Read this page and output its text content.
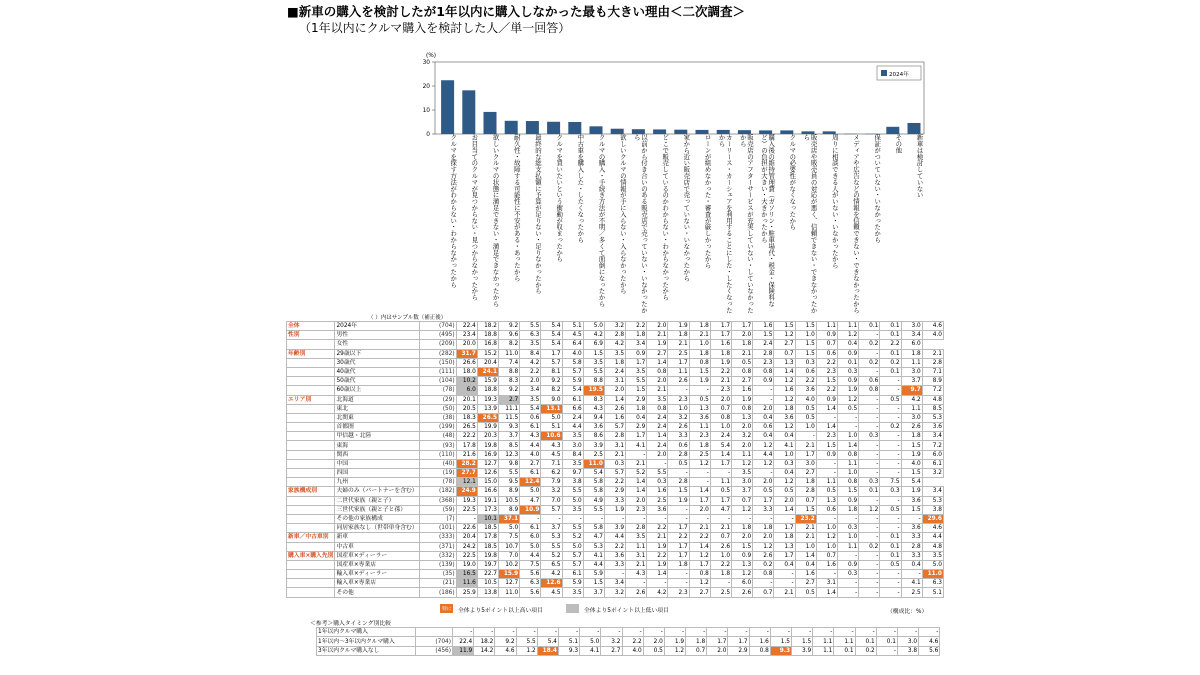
■新車の購入を検討したが1年以内に購入しなかった最も大きい理由＜二次調査＞
（1年以内にクルマ購入を検討した人／単一回答）
0
10
20
30
(%)
2024年
クルマを探す方法がわからない・わからなかったから	お目当てのクルマが見つからない・見つからなかったから	欲しいクルマの状態に満足できない・満足できなかったから	耐久性・故障する可能性に不安がある・あったから	最終的な総支払額に予算が足りない・足りなかったから	クルマを買いたいという衝動が収まったから	中古車を購入した・したくなったから	クルマの購入・手続き方法が不明／多くて面倒になったから	欲しいクルマの情報が手に入らない・入らなかったから	以前から付き合いのある販売店で売っていない・いなかったから	どこで販売しているのかわからない・わからなかったから	家から近い販売店で売っていない・いなかったから	ローンが組めなかった・審査が厳しかったから	カーリース・カーシェアを利用することにした・したくなったから	販売店のアフターサービスが充実していない・していなかったから	購入後の維持管理費（ガソリン・駐車場代・税金・保険料など）の負担が大きい・大きかったから	クルマの必要性がなくなったから	販売店や販売員の対応が悪く、信頼できない・できなかったから	周りに相談できる人がいない・いなかったから	メディアや広告などの情報を信頼できない・できなかったから	保証がついていない・いなかったから	その他	新車は検討していない
（ ）内はサンプル数（補正後）
全体	2024年	(704)	22.4	18.2	9.2	5.5	5.4	5.1	5.0	3.2	2.2	2.0	1.9	1.8	1.7	1.7	1.6	1.5	1.5	1.1	1.1	0.1	0.1	3.0	4.6
性別	男性	(495)	23.4	18.8	9.6	6.3	5.4	4.5	4.2	2.8	1.8	2.1	1.8	2.1	1.7	2.0	1.5	1.2	1.0	0.9	1.2	-	0.1	3.4	4.0
	女性	(209)	20.0	16.8	8.2	3.5	5.4	6.4	6.9	4.2	3.4	1.9	2.1	1.0	1.6	1.8	2.4	2.7	1.5	0.7	0.4	0.2	2.2	6.0	
年齢別	29歳以下	(282)	31.7	15.2	11.0	8.4	1.7	4.0	1.5	3.5	0.9	2.7	2.5	1.8	1.8	2.1	2.8	0.7	1.5	0.6	0.9	-	0.1	1.8	2.1
	30歳代	(150)	26.6	20.4	7.4	4.2	5.7	5.8	3.5	1.8	1.7	1.4	1.7	0.8	1.9	0.5	2.3	1.3	0.3	2.2	0.1	0.2	0.2	1.1	2.8
	40歳代	(111)	18.0	24.1	8.8	2.2	8.1	5.7	5.5	2.4	3.5	0.8	1.1	1.5	2.2	0.8	0.8	1.4	0.6	2.3	0.3	-	0.1	3.0	7.1
	50歳代	(104)	10.2	15.9	8.3	2.0	9.2	5.9	8.8	3.1	5.5	2.0	2.6	1.9	2.1	2.7	0.9	1.2	2.2	1.5	0.9	0.6	-	3.7	8.9
	60歳以上	(78)	6.0	18.8	9.2	3.4	8.2	5.4	19.5	2.0	1.5	2.1	-	-	2.3	1.6	-	1.6	3.6	2.2	1.9	0.8	-	9.7	7.2
エリア別	北海道	(29)	20.1	19.3	2.7	3.5	9.0	6.1	8.3	1.4	2.9	3.5	2.3	0.5	2.0	1.9	-	1.2	4.0	0.9	1.2	-	0.5	4.2	4.8
	東北	(50)	20.5	13.9	11.1	5.4	13.1	6.6	4.3	2.6	1.8	0.8	1.0	1.3	0.7	0.8	2.0	1.8	0.5	1.4	0.5	-	-	1.1	8.5
	北関東	(38)	18.3	26.5	11.5	0.6	5.0	2.4	9.4	1.6	0.4	2.4	3.2	3.6	0.8	1.3	0.4	3.6	0.5	-	-	-	-	3.0	5.3
	首都圏	(199)	26.5	19.9	9.3	6.1	5.1	4.4	3.6	5.7	2.9	2.4	2.6	1.1	1.0	2.0	0.6	1.2	1.0	1.4	-	-	0.2	2.6	3.6
	甲信越・北陸	(48)	22.2	20.3	3.7	4.3	10.6	3.5	8.6	2.8	1.7	1.4	3.3	2.3	2.4	3.2	0.4	0.4	-	2.3	1.0	0.3	-	1.8	3.4
	東海	(93)	17.8	19.8	8.5	4.4	4.3	3.0	3.9	3.1	4.1	2.4	0.6	1.8	5.4	2.0	1.2	4.1	2.1	1.5	1.4	-	-	1.5	7.2
	関西	(110)	21.6	16.9	12.3	4.0	4.5	8.4	2.5	2.1	-	2.0	2.8	2.5	1.4	1.1	4.4	1.0	1.7	0.9	0.8	-	-	1.9	6.0
	中国	(40)	28.2	12.7	9.8	2.7	7.1	3.5	11.0	0.3	2.1	-	0.5	1.2	1.7	1.2	1.2	0.3	3.0	-	1.1	-	-	4.0	6.1
	四国	(19)	27.7	12.6	5.5	6.1	6.2	9.7	5.4	5.7	5.2	5.5	-	-	-	3.5	-	0.4	2.7	-	1.0	-	-	1.5	3.2
	九州	(78)	12.1	15.0	9.5	12.4	7.9	3.8	5.8	2.2	1.4	0.3	2.8	-	1.1	3.0	2.0	1.2	1.8	1.1	0.8	0.3	7.5	5.4	
家族構成別	夫婦のみ（パートナーを含む）	(182)	24.9	16.6	8.9	5.0	3.2	5.5	5.8	2.9	1.4	1.6	1.5	1.4	0.5	3.7	0.5	0.5	2.8	0.5	1.5	0.1	0.3	1.9	3.4
	二世代家族（親と子）	(368)	19.3	19.1	10.5	4.7	7.0	5.0	4.9	3.3	2.0	2.5	1.9	1.7	1.7	0.7	1.7	2.0	0.7	1.3	0.9	-	-	3.6	5.3
	三世代家族（親と子と孫）	(59)	22.5	17.3	8.9	10.9	5.7	3.5	5.5	1.9	2.3	3.6	-	2.0	4.7	1.2	3.3	1.4	1.5	0.6	1.8	1.2	0.5	1.5	3.8
	その他の家族構成	(7)	-	10.1	37.1	-	-	-	-	-	-	-	-	-	-	-	-	-	23.2	-	-	-	-	-	29.6
	同居家族なし（世帯単身含む）	(101)	22.6	18.5	5.0	6.1	3.7	5.5	5.8	3.9	2.8	2.2	1.7	2.1	2.1	1.8	1.8	1.7	2.1	1.0	0.3	-	-	3.6	4.6
新車／中古車別	新車	(333)	20.4	17.8	7.5	6.0	5.3	5.2	4.7	4.4	3.5	2.1	2.2	2.2	0.7	2.0	2.0	1.8	2.1	1.2	1.0	-	0.1	3.3	4.4
	中古車	(371)	24.2	18.5	10.7	5.0	5.5	5.0	5.3	2.2	1.1	1.9	1.7	1.4	2.6	1.5	1.2	1.3	1.0	1.0	1.1	0.2	0.1	2.8	4.8
購入車×購入先別	国産車×ディーラー	(332)	22.5	19.8	7.0	4.4	5.2	5.7	4.1	3.6	3.1	2.2	1.7	1.2	1.0	0.9	2.6	1.7	1.4	0.7	-	-	0.1	3.3	3.5
	国産車×専業店	(139)	19.0	19.7	10.2	7.5	6.5	5.7	4.4	3.3	2.1	1.9	1.8	1.7	2.2	1.3	0.2	0.4	0.4	1.6	0.9	-	0.5	0.4	5.0
	輸入車×ディーラー	(35)	16.5	22.7	15.9	5.6	4.2	6.1	5.9	-	4.3	1.4	-	0.8	1.8	1.2	0.8	-	1.6	-	0.3	-	-	-	11.0
	輸入車×専業店	(21)	11.6	10.5	12.7	6.3	12.6	5.9	1.5	3.4	-	-	-	1.2	-	6.0	-	-	2.7	3.1	-	-	-	4.1	6.3
	その他	(186)	25.9	13.8	11.0	5.6	4.5	3.5	3.7	3.2	2.6	4.2	2.3	2.7	2.5	2.6	0.7	2.1	0.5	1.4	-	-	-	2.5	5.1
特に 全体より5ポイント以上高い項目	全体より5ポイント以上低い項目	（構成比：%）
＜参考＞購入タイミング別比較
1年以内クルマ購入		-	-	-	-	-	-	-	-	-	-	-	-	-	-	-	-	-	-	-	-	-	-	-
1年以内〜3年以内クルマ購入	(704)	22.4	18.2	9.2	5.5	5.4	5.1	5.0	3.2	2.2	2.0	1.9	1.8	1.7	1.7	1.6	1.5	1.5	1.1	1.1	0.1	0.1	3.0	4.6
3年以内クルマ購入なし	(456)	11.9	14.2	4.6	1.2	18.4	9.3	4.1	2.7	4.0	0.5	1.2	0.7	2.0	2.9	0.8	9.3	3.9	1.1	0.1	0.2	-	3.8	5.6
